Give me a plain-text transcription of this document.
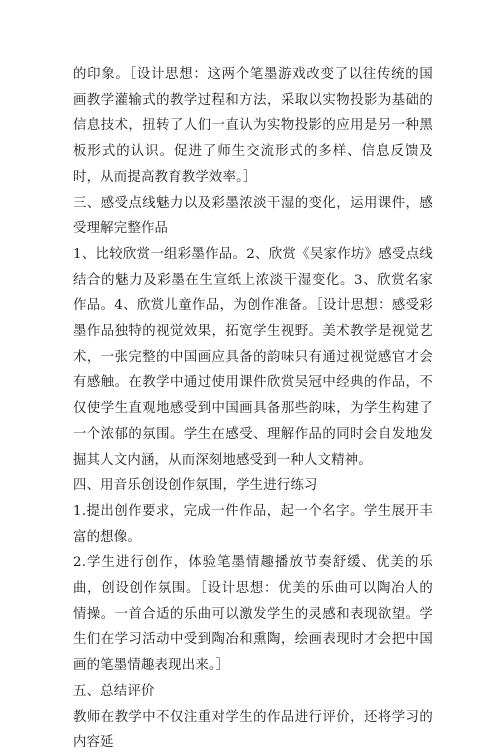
的印象。［设计思想：这两个笔墨游戏改变了以往传统的国画教学灌输式的教学过程和方法，采取以实物投影为基础的信息技术，扭转了人们一直认为实物投影的应用是另一种黑板形式的认识。促进了师生交流形式的多样、信息反馈及时，从而提高教育教学效率。］

三、感受点线魅力以及彩墨浓淡干湿的变化，运用课件，感受理解完整作品

1、比较欣赏一组彩墨作品。2、欣赏《吴家作坊》感受点线结合的魅力及彩墨在生宣纸上浓淡干湿变化。3、欣赏名家作品。4、欣赏儿童作品，为创作准备。［设计思想：感受彩墨作品独特的视觉效果，拓宽学生视野。美术教学是视觉艺术，一张完整的中国画应具备的韵味只有通过视觉感官才会有感触。在教学中通过使用课件欣赏吴冠中经典的作品，不仅使学生直观地感受到中国画具备那些韵味，为学生构建了一个浓郁的氛围。学生在感受、理解作品的同时会自发地发掘其人文内涵，从而深刻地感受到一种人文精神。

四、用音乐创设创作氛围，学生进行练习

1.提出创作要求，完成一件作品，起一个名字。学生展开丰富的想像。

2.学生进行创作，体验笔墨情趣播放节奏舒缓、优美的乐曲，创设创作氛围。［设计思想：优美的乐曲可以陶冶人的情操。一首合适的乐曲可以激发学生的灵感和表现欲望。学生们在学习活动中受到陶冶和熏陶，绘画表现时才会把中国画的笔墨情趣表现出来。］

五、总结评价

教师在教学中不仅注重对学生的作品进行评价，还将学习的内容延
